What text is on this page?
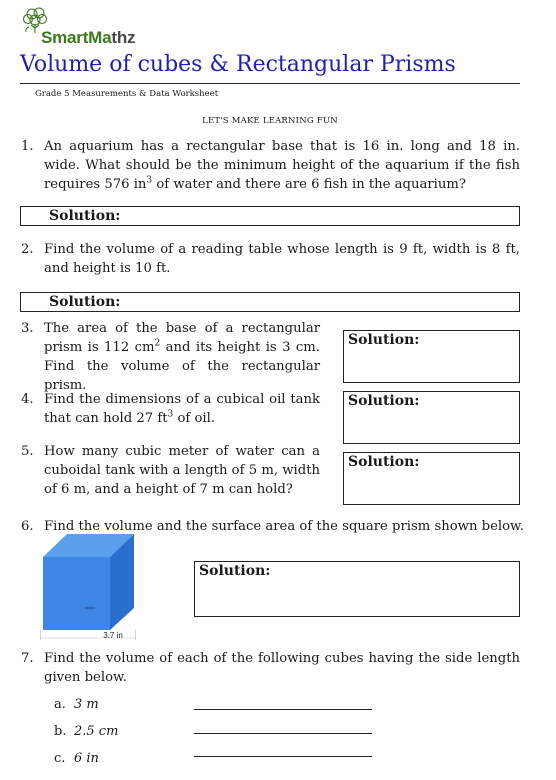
SmartMathz
Volume of cubes & Rectangular Prisms
Grade 5 Measurements & Data Worksheet
LET'S MAKE LEARNING FUN
1. An aquarium has a rectangular base that is 16 in. long and 18 in. wide. What should be the minimum height of the aquarium if the fish requires 576 $in^3$ of water and there are 6 fish in the aquarium?
Solution:
2. Find the volume of a reading table whose length is 9 ft, width is 8 ft, and height is 10 ft.
Solution:
3. The area of the base of a rectangular prism is 112 $cm^2$ and its height is 3 cm. Find the volume of the rectangular prism.
Solution:
4. Find the dimensions of a cubical oil tank that can hold 27 $ft^3$ of oil.
Solution:
5. How many cubic meter of water can a cuboidal tank with a length of 5 m, width of 6 m, and a height of 7 m can hold?
Solution:
6. Find the volume and the surface area of the square prism shown below.
3.7 in
Solution:
7. Find the volume of each of the following cubes having the side length given below.
a. 3 m
b. 2.5 cm
c. 6 in
